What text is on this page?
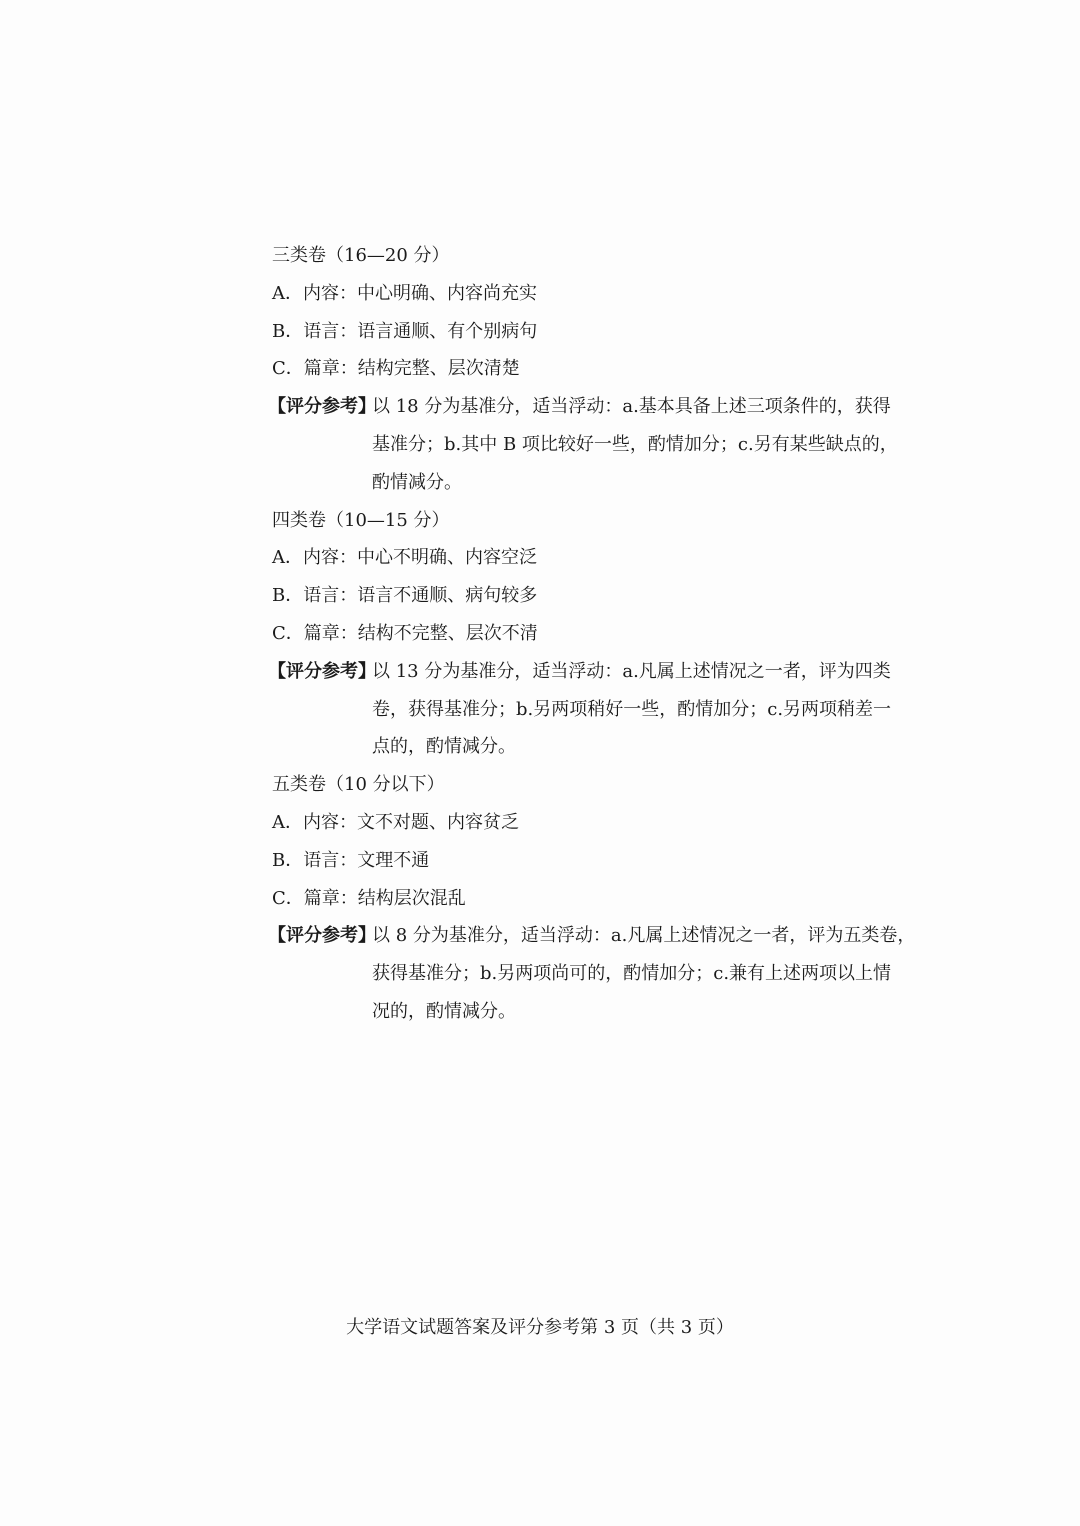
三类卷（16—20 分）
A．内容：中心明确、内容尚充实
B．语言：语言通顺、有个别病句
C．篇章：结构完整、层次清楚
【评分参考】
以 18 分为基准分，适当浮动：a.基本具备上述三项条件的，获得
基准分；b.其中 B 项比较好一些，酌情加分；c.另有某些缺点的，
酌情减分。
四类卷（10—15 分）
A．内容：中心不明确、内容空泛
B．语言：语言不通顺、病句较多
C．篇章：结构不完整、层次不清
【评分参考】
以 13 分为基准分，适当浮动：a.凡属上述情况之一者，评为四类
卷，获得基准分；b.另两项稍好一些，酌情加分；c.另两项稍差一
点的，酌情减分。
五类卷（10 分以下）
A．内容：文不对题、内容贫乏
B．语言：文理不通
C．篇章：结构层次混乱
【评分参考】
以 8 分为基准分，适当浮动：a.凡属上述情况之一者，评为五类卷，
获得基准分；b.另两项尚可的，酌情加分；c.兼有上述两项以上情
况的，酌情减分。
大学语文试题答案及评分参考第 3 页（共 3 页）
